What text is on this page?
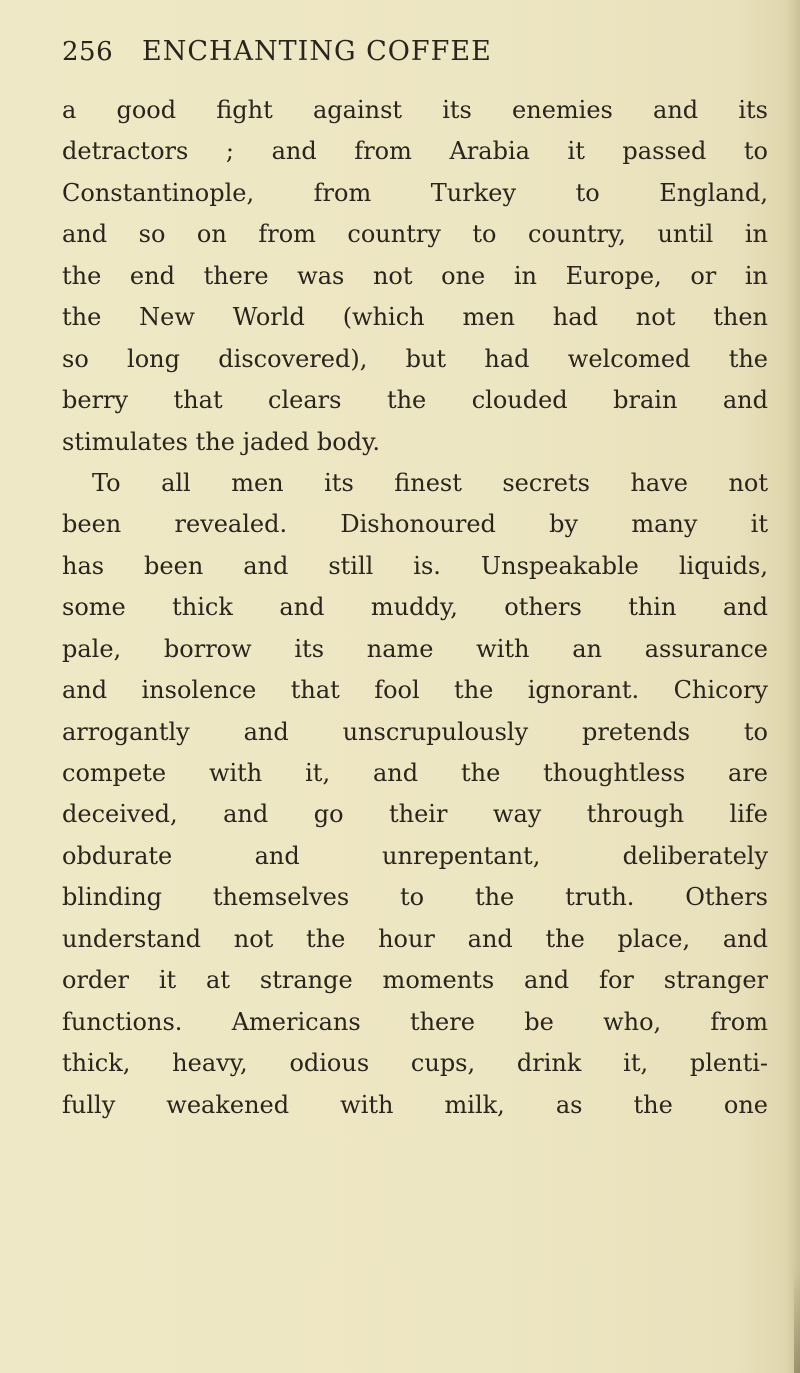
256	ENCHANTING COFFEE
a good fight against its enemies and its
detractors ; and from Arabia it passed to
Constantinople, from Turkey to England,
and so on from country to country, until in
the end there was not one in Europe, or in
the New World (which men had not then
so long discovered), but had welcomed the
berry that clears the clouded brain and
stimulates the jaded body.
To all men its finest secrets have not
been revealed. Dishonoured by many it
has been and still is. Unspeakable liquids,
some thick and muddy, others thin and
pale, borrow its name with an assurance
and insolence that fool the ignorant. Chicory
arrogantly and unscrupulously pretends to
compete with it, and the thoughtless are
deceived, and go their way through life
obdurate and unrepentant, deliberately
blinding themselves to the truth. Others
understand not the hour and the place, and
order it at strange moments and for stranger
functions. Americans there be who, from
thick, heavy, odious cups, drink it, plenti-
fully weakened with milk, as the one
